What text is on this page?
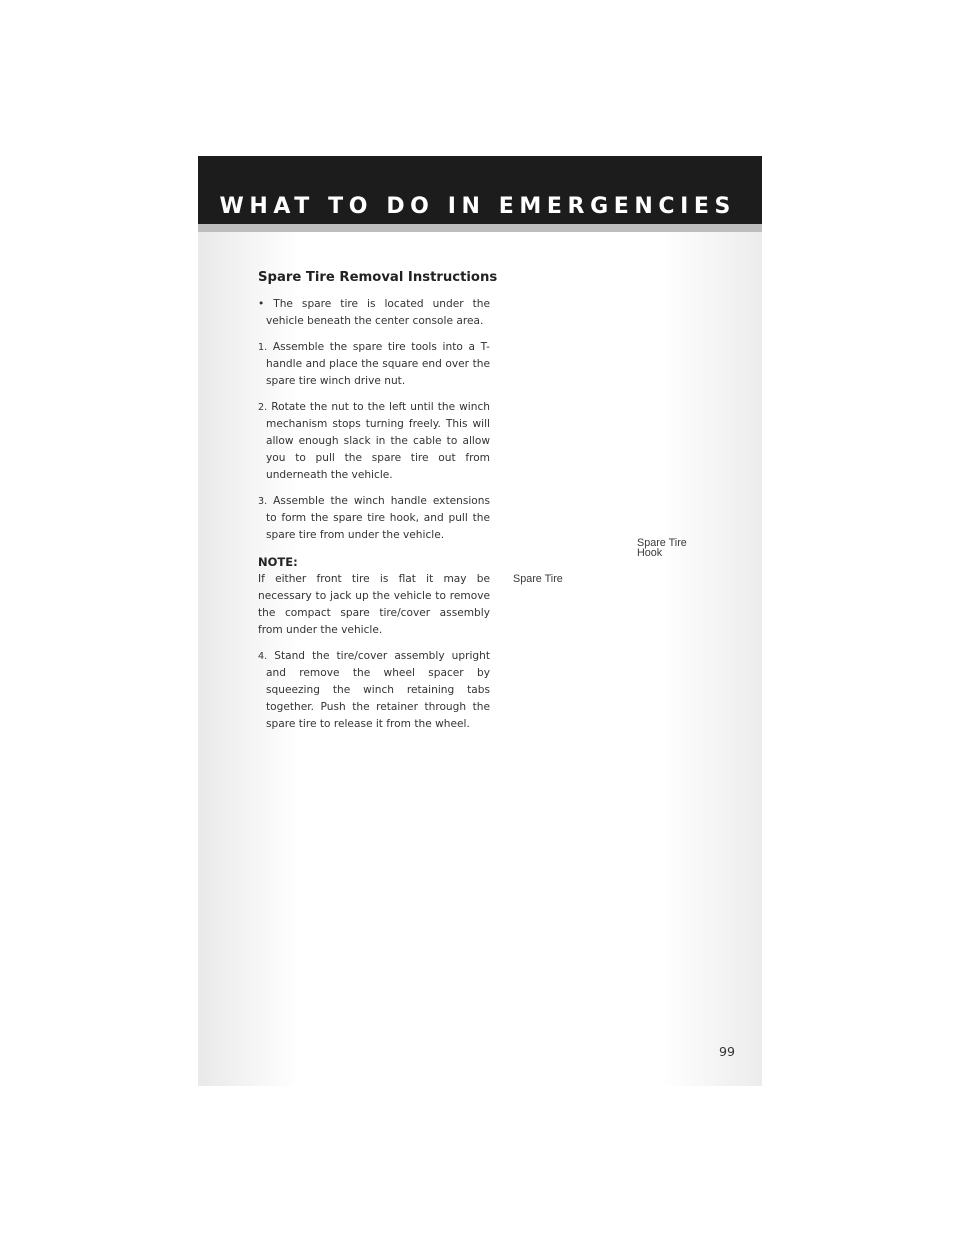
WHAT TO DO IN EMERGENCIES
Spare Tire Removal Instructions

• The spare tire is located under the vehicle beneath the center console area.

1. Assemble the spare tire tools into a T-handle and place the square end over the spare tire winch drive nut.

2. Rotate the nut to the left until the winch mechanism stops turning freely. This will allow enough slack in the cable to allow you to pull the spare tire out from underneath the vehicle.

3. Assemble the winch handle extensions to form the spare tire hook, and pull the spare tire from under the vehicle.

NOTE:

If either front tire is flat it may be necessary to jack up the vehicle to remove the compact spare tire/cover assembly from under the vehicle.

4. Stand the tire/cover assembly upright and remove the wheel spacer by squeezing the winch retaining tabs together. Push the retainer through the spare tire to release it from the wheel.

Spare Tire
Hook
Spare Tire
99
